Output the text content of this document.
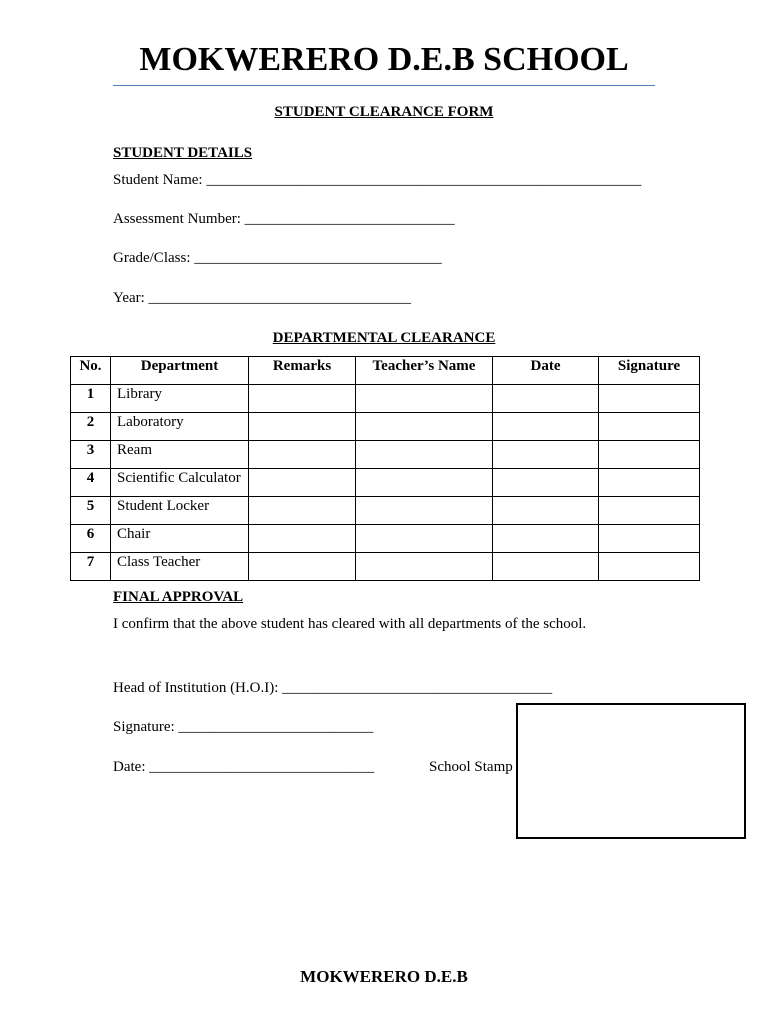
MOKWERERO D.E.B SCHOOL
STUDENT CLEARANCE FORM
STUDENT DETAILS
Student Name: __________________________________________________________
Assessment Number: ____________________________
Grade/Class: _________________________________
Year: ___________________________________
DEPARTMENTAL CLEARANCE
No.	Department	Remarks	Teacher’s Name	Date	Signature
1	Library				
2	Laboratory				
3	Ream				
4	Scientific Calculator				
5	Student Locker				
6	Chair				
7	Class Teacher				
FINAL APPROVAL
I confirm that the above student has cleared with all departments of the school.
Head of Institution (H.O.I): ____________________________________
Signature: __________________________
Date: ______________________________	School Stamp
MOKWERERO D.E.B
